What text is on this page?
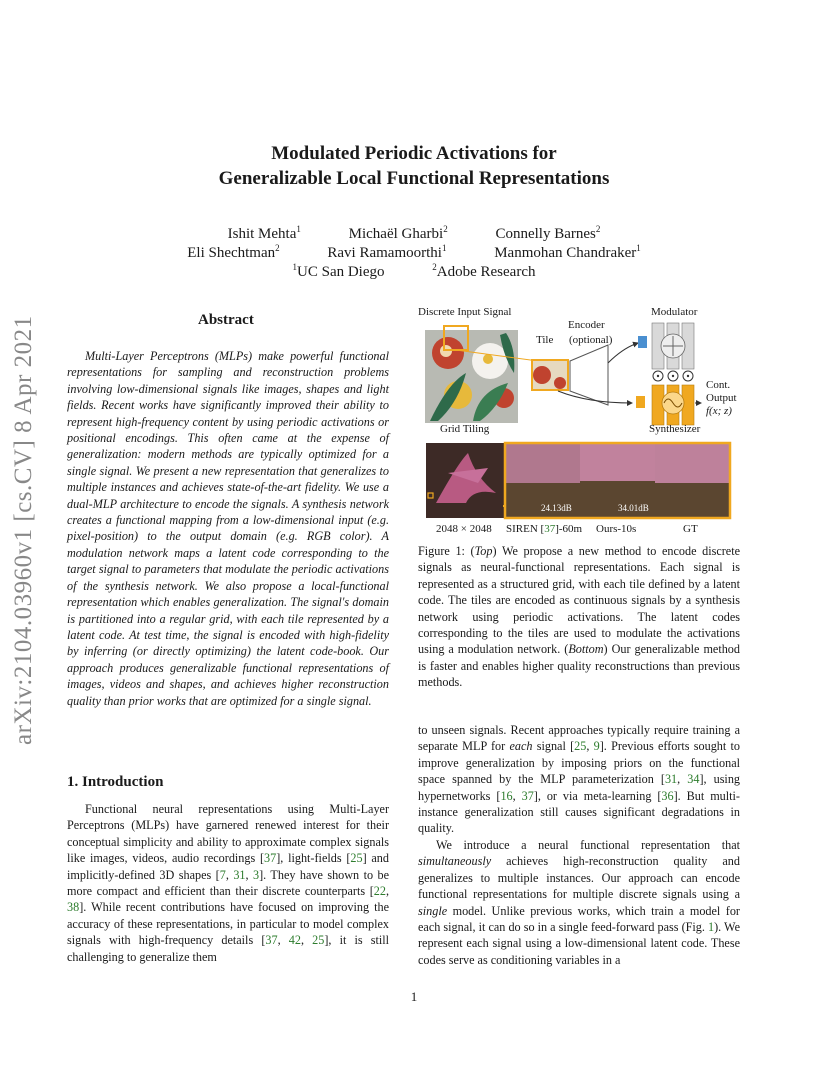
Modulated Periodic Activations for
Generalizable Local Functional Representations
Ishit Mehta$^1$	Michaël Gharbi$^2$	Connelly Barnes$^2$
Eli Shechtman$^2$	Ravi Ramamoorthi$^1$	Manmohan Chandraker$^1$
$^1$UC San Diego	$^2$Adobe Research
arXiv:2104.03960v1 [cs.CV] 8 Apr 2021	Abstract
Multi-Layer Perceptrons (MLPs) make powerful functional representations for sampling and reconstruction problems involving low-dimensional signals like images, shapes and light fields. Recent works have significantly improved their ability to represent high-frequency content by using periodic activations or positional encodings. This often came at the expense of generalization: modern methods are typically optimized for a single signal. We present a new representation that generalizes to multiple instances and achieves state-of-the-art fidelity. We use a dual-MLP architecture to encode the signals. A synthesis network creates a functional mapping from a low-dimensional input (e.g. pixel-position) to the output domain (e.g. RGB color). A modulation network maps a latent code corresponding to the target signal to parameters that modulate the periodic activations of the synthesis network. We also propose a local-functional representation which enables generalization. The signal's domain is partitioned into a regular grid, with each tile represented by a latent code. At test time, the signal is encoded with high-fidelity by inferring (or directly optimizing) the latent code-book. Our approach produces generalizable functional representations of images, videos and shapes, and achieves higher reconstruction quality than prior works that are optimized for a single signal.
1. Introduction
Functional neural representations using Multi-Layer Perceptrons (MLPs) have garnered renewed interest for their conceptual simplicity and ability to approximate complex signals like images, videos, audio recordings [37], light-fields [25] and implicitly-defined 3D shapes [7, 31, 3]. They have shown to be more compact and efficient than their discrete counterparts [22, 38]. While recent contributions have focused on improving the accuracy of these representations, in particular to model complex signals with high-frequency details [37, 42, 25], it is still challenging to generalize them
Discrete Input Signal
Encoder
(optional)
Tile
Modulator
Cont.
Output
f(x; z)
Grid Tiling	Synthesizer
24.13dB	34.01dB
2048 × 2048 SIREN [37]-60m Ours-10s	GT
Figure 1: (Top) We propose a new method to encode discrete signals as neural-functional representations. Each signal is represented as a structured grid, with each tile defined by a latent code. The tiles are encoded as continuous signals by a synthesis network using periodic activations. The latent codes corresponding to the tiles are used to modulate the activations using a modulation network. (Bottom) Our generalizable method is faster and enables higher quality reconstructions than previous methods.
to unseen signals. Recent approaches typically require training a separate MLP for each signal [25, 9]. Previous efforts sought to improve generalization by imposing priors on the functional space spanned by the MLP parameterization [31, 34], using hypernetworks [16, 37], or via meta-learning [36]. But multi-instance generalization still causes significant degradations in quality.
We introduce a neural functional representation that simultaneously achieves high-reconstruction quality and generalizes to multiple instances. Our approach can encode functional representations for multiple discrete signals using a single model. Unlike previous works, which train a model for each signal, it can do so in a single feed-forward pass (Fig. 1). We represent each signal using a low-dimensional latent code. These codes serve as conditioning variables in a
1
